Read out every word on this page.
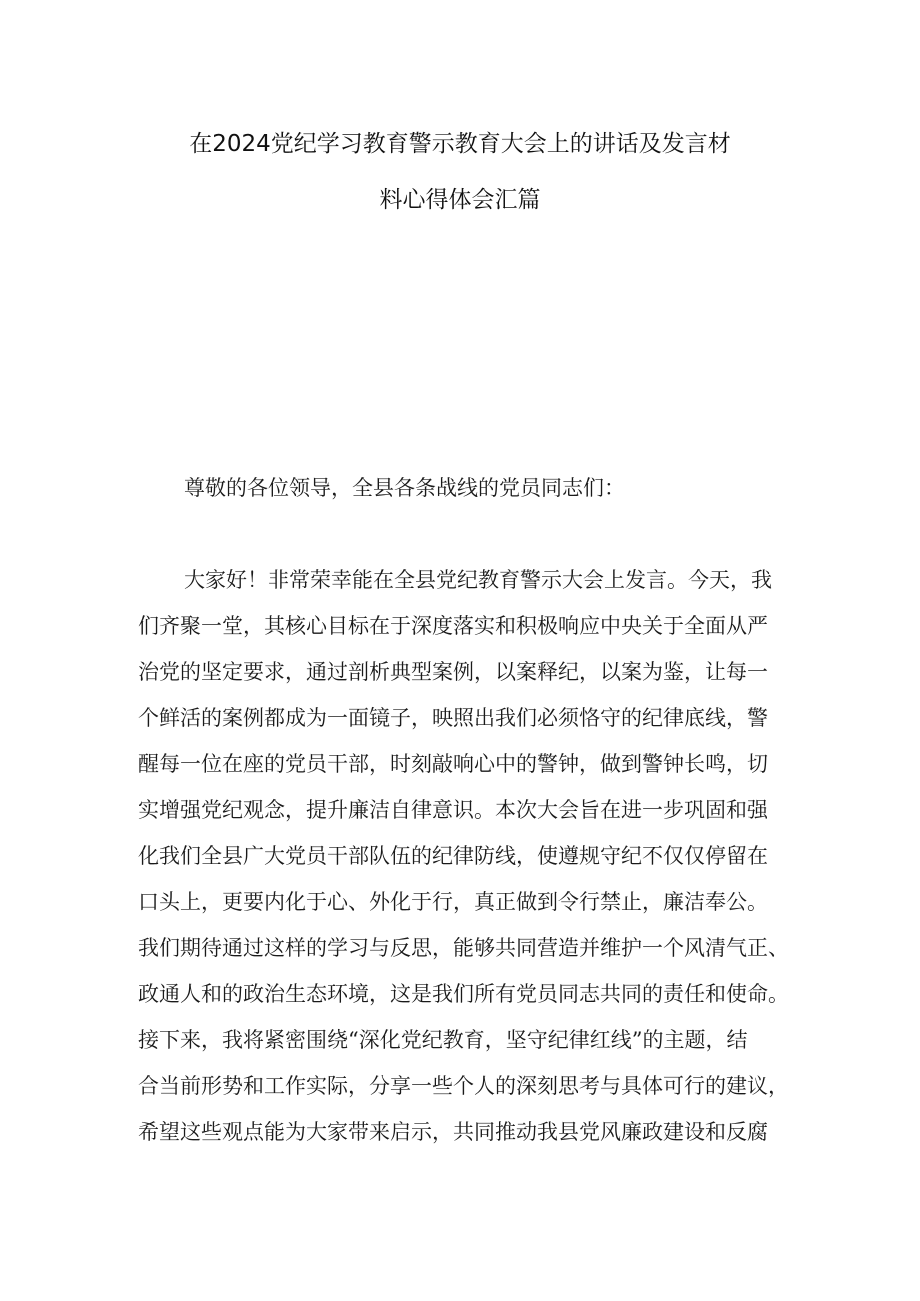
在2024党纪学习教育警示教育大会上的讲话及发言材
料心得体会汇篇
尊敬的各位领导，全县各条战线的党员同志们：
大家好！非常荣幸能在全县党纪教育警示大会上发言。今天，我
们齐聚一堂，其核心目标在于深度落实和积极响应中央关于全面从严
治党的坚定要求，通过剖析典型案例，以案释纪，以案为鉴，让每一
个鲜活的案例都成为一面镜子，映照出我们必须恪守的纪律底线，警
醒每一位在座的党员干部，时刻敲响心中的警钟，做到警钟长鸣，切
实增强党纪观念，提升廉洁自律意识。本次大会旨在进一步巩固和强
化我们全县广大党员干部队伍的纪律防线，使遵规守纪不仅仅停留在
口头上，更要内化于心、外化于行，真正做到令行禁止，廉洁奉公。
我们期待通过这样的学习与反思，能够共同营造并维护一个风清气正、
政通人和的政治生态环境，这是我们所有党员同志共同的责任和使命。
接下来，我将紧密围绕“深化党纪教育，坚守纪律红线”的主题，结
合当前形势和工作实际，分享一些个人的深刻思考与具体可行的建议，
希望这些观点能为大家带来启示，共同推动我县党风廉政建设和反腐
